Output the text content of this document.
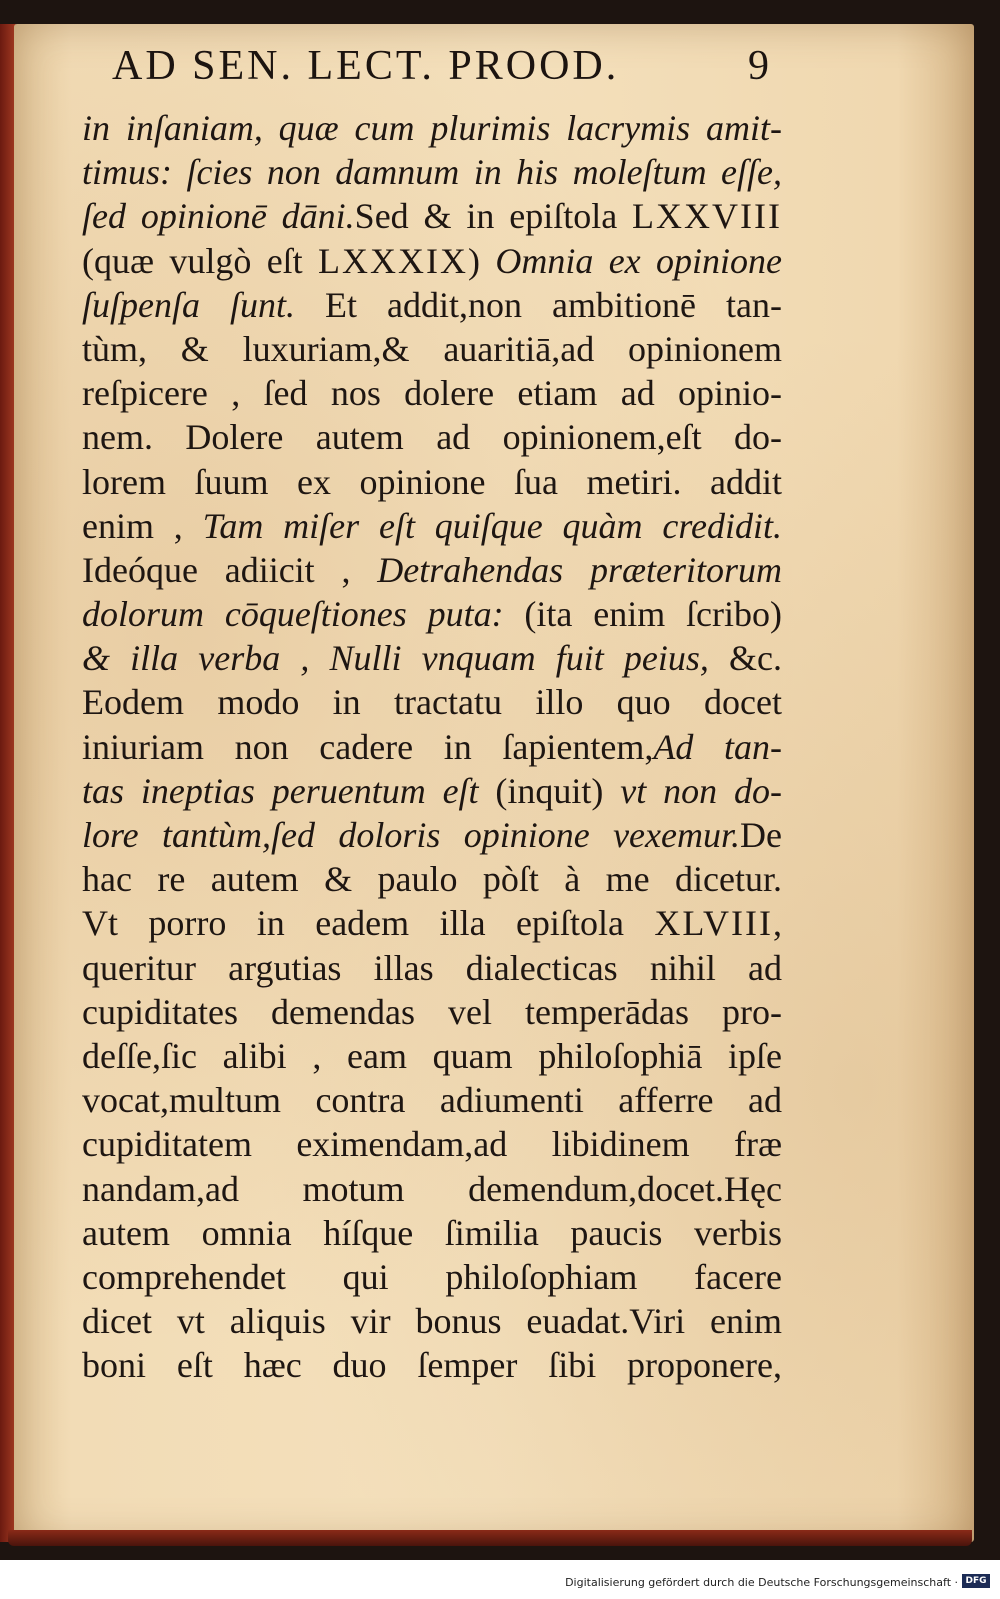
AD SEN. LECT. PROOD.	9
in inſaniam, quæ cum plurimis lacrymis amit-
timus: ſcies non damnum in his moleſtum eſſe,
ſed opinionē dāni.Sed & in epiſtola LXXVIII
(quæ vulgò eſt LXXXIX) Omnia ex opinione
ſuſpenſa ſunt. Et addit,non ambitionē tan-
tùm, & luxuriam,& auaritiā,ad opinionem
reſpicere , ſed nos dolere etiam ad opinio-
nem. Dolere autem ad opinionem,eſt do-
lorem ſuum ex opinione ſua metiri. addit
enim , Tam miſer eſt quiſque quàm credidit.
Ideóque adiicit , Detrahendas præteritorum
dolorum cōqueſtiones puta: (ita enim ſcribo)
& illa verba , Nulli vnquam fuit peius, &c.
Eodem modo in tractatu illo quo docet
iniuriam non cadere in ſapientem,Ad tan-
tas ineptias peruentum eſt (inquit) vt non do-
lore tantùm,ſed doloris opinione vexemur.De
hac re autem & paulo pòſt à me dicetur.
Vt porro in eadem illa epiſtola XLVIII,
queritur argutias illas dialecticas nihil ad
cupiditates demendas vel temperādas pro-
deſſe,ſic alibi , eam quam philoſophiā ipſe
vocat,multum contra adiumenti afferre ad
cupiditatem eximendam,ad libidinem fræ
nandam,ad motum demendum,docet.Hęc
autem omnia híſque ſimilia paucis verbis
comprehendet qui philoſophiam facere
dicet vt aliquis vir bonus euadat.Viri enim
boni eſt hæc duo ſemper ſibi proponere,
Digitalisierung gefördert durch die Deutsche Forschungsgemeinschaft · DFG
